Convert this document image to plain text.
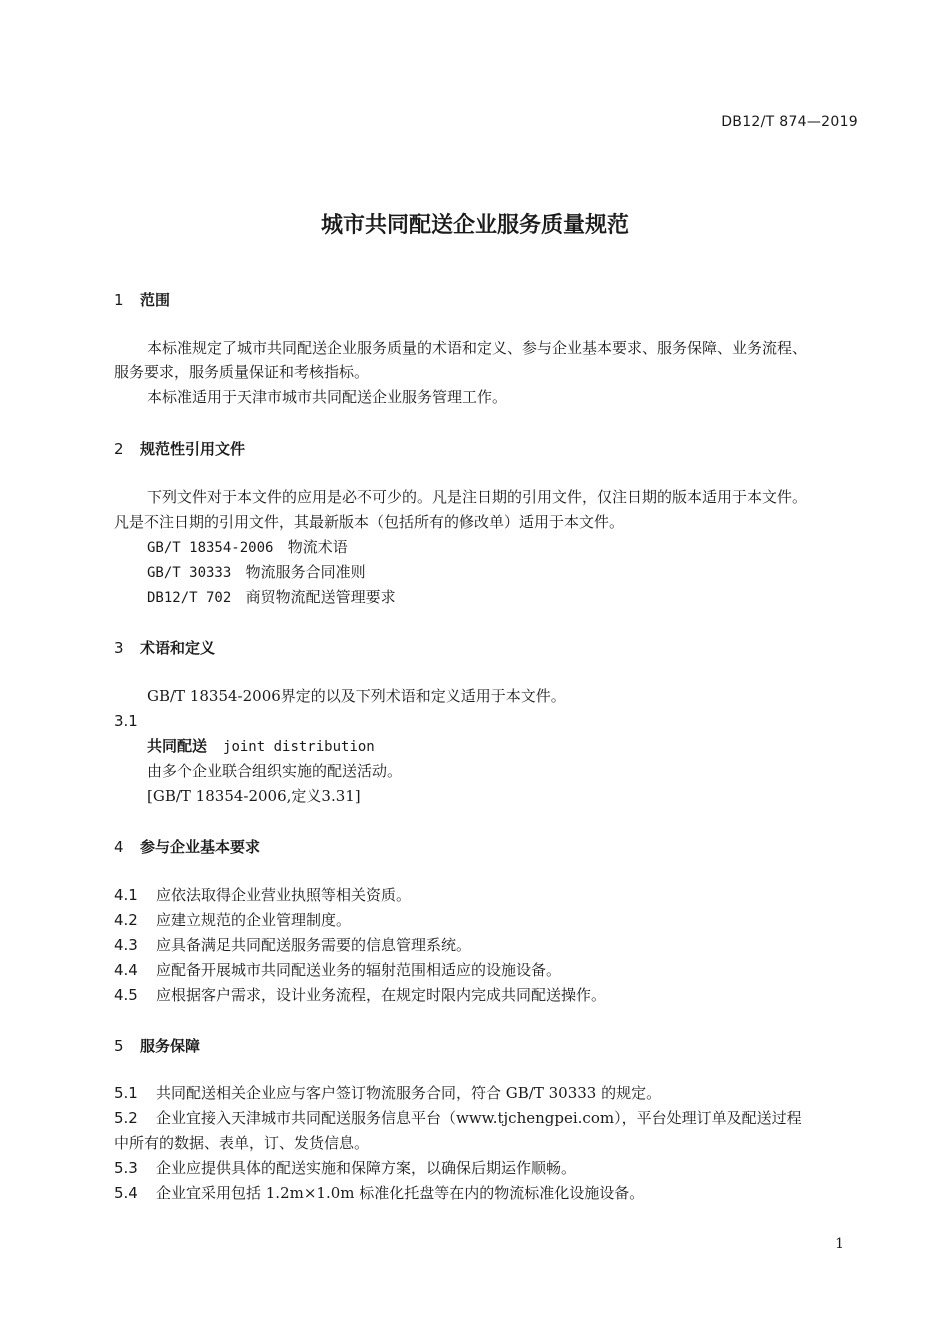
DB12/T 874—2019
城市共同配送企业服务质量规范
1 范围
本标准规定了城市共同配送企业服务质量的术语和定义、参与企业基本要求、服务保障、业务流程、
服务要求，服务质量保证和考核指标。
本标准适用于天津市城市共同配送企业服务管理工作。
2 规范性引用文件
下列文件对于本文件的应用是必不可少的。凡是注日期的引用文件，仅注日期的版本适用于本文件。
凡是不注日期的引用文件，其最新版本（包括所有的修改单）适用于本文件。
GB/T 18354-2006 物流术语
GB/T 30333 物流服务合同准则
DB12/T 702 商贸物流配送管理要求
3 术语和定义
GB/T 18354-2006界定的以及下列术语和定义适用于本文件。
3.1
共同配送 joint distribution
由多个企业联合组织实施的配送活动。
[GB/T 18354-2006,定义3.31]
4 参与企业基本要求
4.1 应依法取得企业营业执照等相关资质。
4.2 应建立规范的企业管理制度。
4.3 应具备满足共同配送服务需要的信息管理系统。
4.4 应配备开展城市共同配送业务的辐射范围相适应的设施设备。
4.5 应根据客户需求，设计业务流程，在规定时限内完成共同配送操作。
5 服务保障
5.1 共同配送相关企业应与客户签订物流服务合同，符合 GB/T 30333 的规定。
5.2 企业宜接入天津城市共同配送服务信息平台（www.tjchengpei.com），平台处理订单及配送过程
中所有的数据、表单，订、发货信息。
5.3 企业应提供具体的配送实施和保障方案，以确保后期运作顺畅。
5.4 企业宜采用包括 1.2m×1.0m 标准化托盘等在内的物流标准化设施设备。
1
